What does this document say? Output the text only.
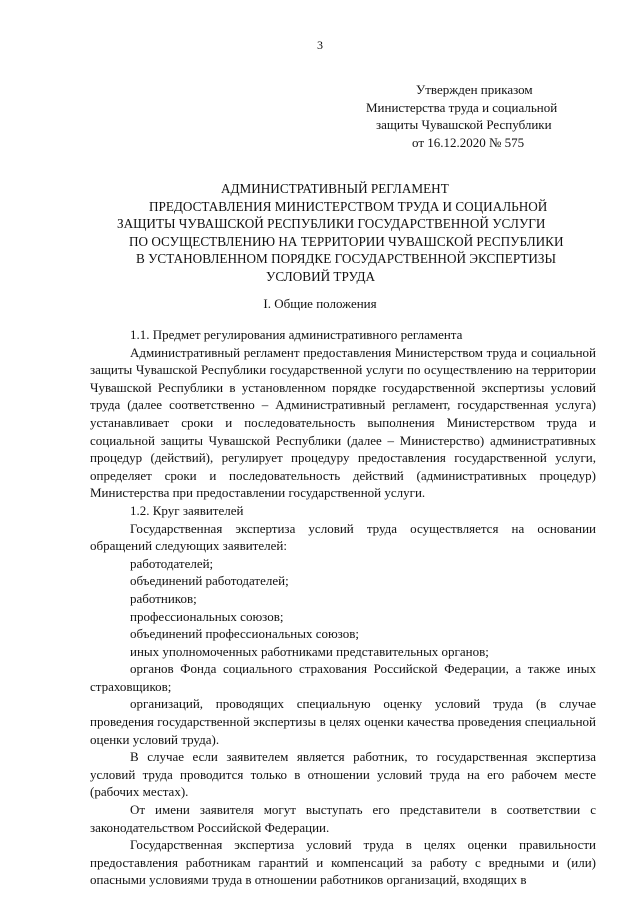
3
Утвержден приказом
Министерства труда и социальной
защиты Чувашской Республики
от 16.12.2020 № 575
АДМИНИСТРАТИВНЫЙ РЕГЛАМЕНТ
ПРЕДОСТАВЛЕНИЯ МИНИСТЕРСТВОМ ТРУДА И СОЦИАЛЬНОЙ
ЗАЩИТЫ ЧУВАШСКОЙ РЕСПУБЛИКИ ГОСУДАРСТВЕННОЙ УСЛУГИ
ПО ОСУЩЕСТВЛЕНИЮ НА ТЕРРИТОРИИ ЧУВАШСКОЙ РЕСПУБЛИКИ
В УСТАНОВЛЕННОМ ПОРЯДКЕ ГОСУДАРСТВЕННОЙ ЭКСПЕРТИЗЫ
УСЛОВИЙ ТРУДА
I. Общие положения

1.1. Предмет регулирования административного регламента

Административный регламент предоставления Министерством труда и социальной защиты Чувашской Республики государственной услуги по осуществлению на территории Чувашской Республики в установленном порядке государственной экспертизы условий труда (далее соответственно – Административный регламент, государственная услуга) устанавливает сроки и последовательность выполнения Министерством труда и социальной защиты Чувашской Республики (далее – Министерство) административных процедур (действий), регулирует процедуру предоставления государственной услуги, определяет сроки и последовательность действий (административных процедур) Министерства при предоставлении государственной услуги.

1.2. Круг заявителей

Государственная экспертиза условий труда осуществляется на основании обращений следующих заявителей:

работодателей;

объединений работодателей;

работников;

профессиональных союзов;

объединений профессиональных союзов;

иных уполномоченных работниками представительных органов;

органов Фонда социального страхования Российской Федерации, а также иных страховщиков;

организаций, проводящих специальную оценку условий труда (в случае проведения государственной экспертизы в целях оценки качества проведения специальной оценки условий труда).

В случае если заявителем является работник, то государственная экспертиза условий труда проводится только в отношении условий труда на его рабочем месте (рабочих местах).

От имени заявителя могут выступать его представители в соответствии с законодательством Российской Федерации.

Государственная экспертиза условий труда в целях оценки правильности предоставления работникам гарантий и компенсаций за работу с вредными и (или) опасными условиями труда в отношении работников организаций, входящих в
